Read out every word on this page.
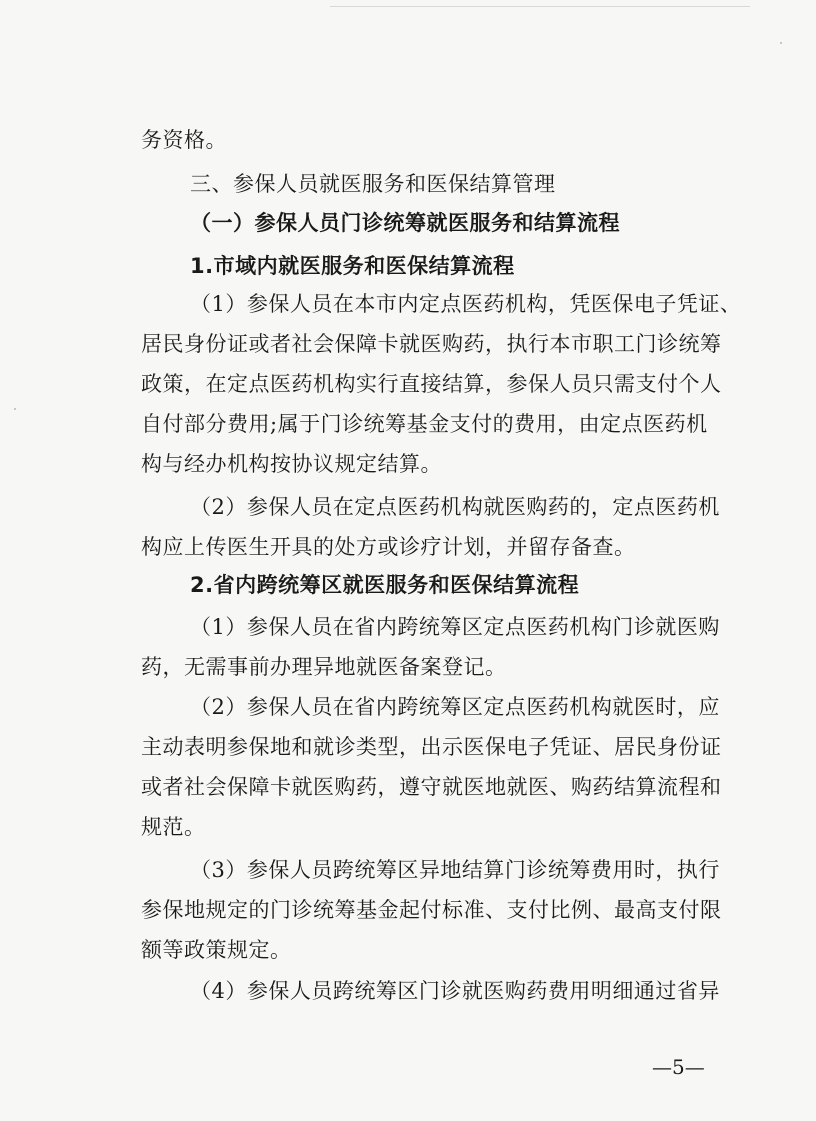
务资格。
三、参保人员就医服务和医保结算管理
（一）参保人员门诊统筹就医服务和结算流程
1.市域内就医服务和医保结算流程
（1）参保人员在本市内定点医药机构，凭医保电子凭证、
居民身份证或者社会保障卡就医购药，执行本市职工门诊统筹
政策，在定点医药机构实行直接结算，参保人员只需支付个人
自付部分费用;属于门诊统筹基金支付的费用，由定点医药机
构与经办机构按协议规定结算。
（2）参保人员在定点医药机构就医购药的，定点医药机
构应上传医生开具的处方或诊疗计划，并留存备查。
2.省内跨统筹区就医服务和医保结算流程
（1）参保人员在省内跨统筹区定点医药机构门诊就医购
药，无需事前办理异地就医备案登记。
（2）参保人员在省内跨统筹区定点医药机构就医时，应
主动表明参保地和就诊类型，出示医保电子凭证、居民身份证
或者社会保障卡就医购药，遵守就医地就医、购药结算流程和
规范。
（3）参保人员跨统筹区异地结算门诊统筹费用时，执行
参保地规定的门诊统筹基金起付标准、支付比例、最高支付限
额等政策规定。
（4）参保人员跨统筹区门诊就医购药费用明细通过省异
—5—
